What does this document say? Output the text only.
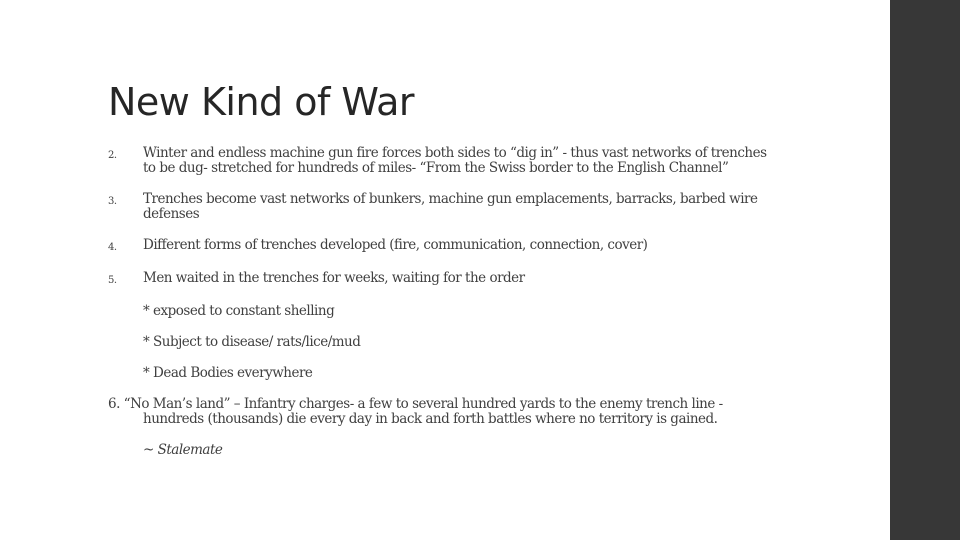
New Kind of War
2.	Winter and endless machine gun fire forces both sides to “dig in” - thus vast networks of trenches to be dug- stretched for hundreds of miles- “From the Swiss border to the English Channel”
3.	Trenches become vast networks of bunkers, machine gun emplacements, barracks, barbed wire defenses
4.	Different forms of trenches developed (fire, communication, connection, cover)
5.	Men waited in the trenches for weeks, waiting for the order
* exposed to constant shelling
* Subject to disease/ rats/lice/mud
* Dead Bodies everywhere
6. “No Man’s land” – Infantry charges- a few to several hundred yards to the enemy trench line - hundreds (thousands) die every day in back and forth battles where no territory is gained.
~ Stalemate
